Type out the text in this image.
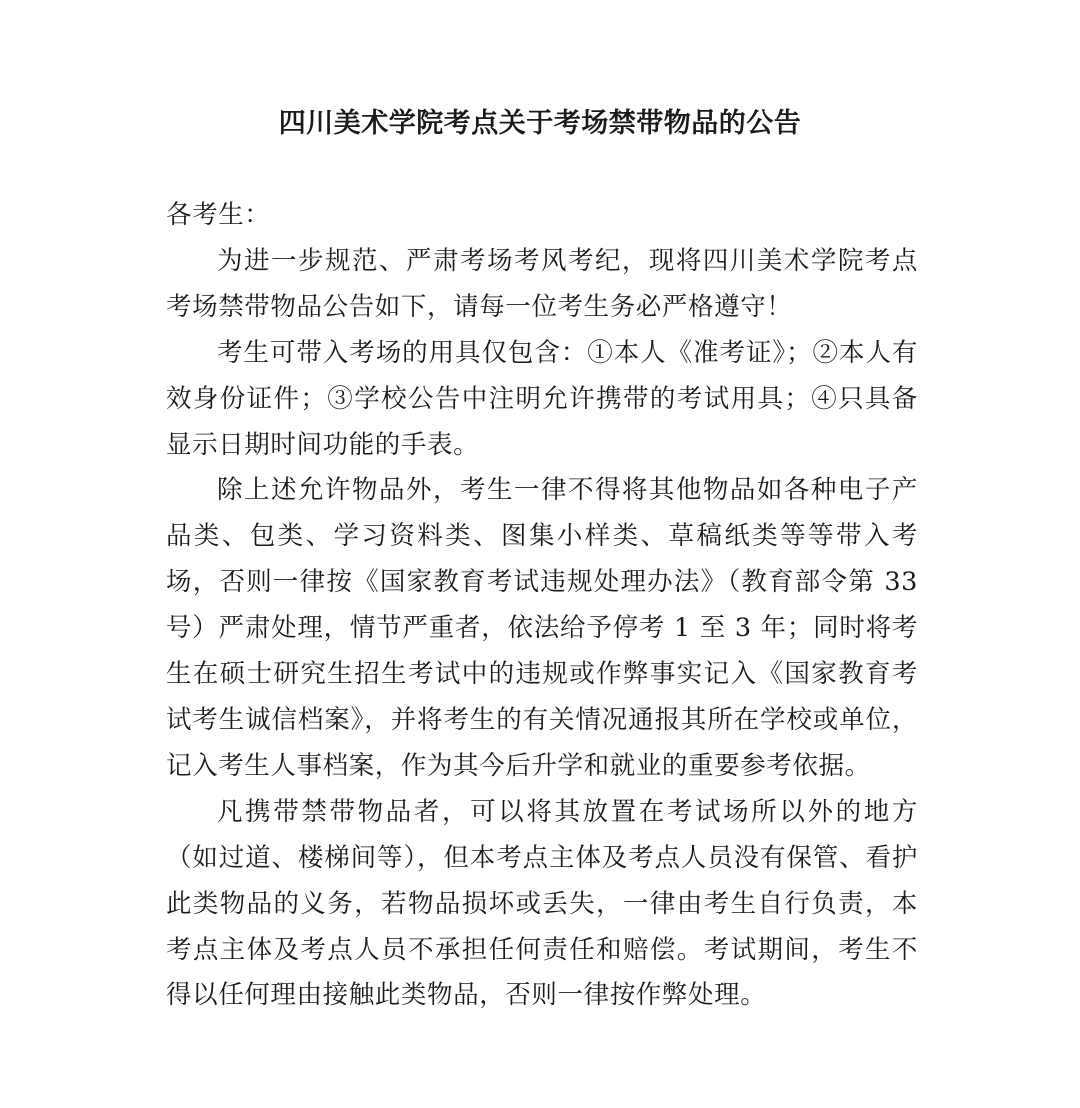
四川美术学院考点关于考场禁带物品的公告

各考生：

为进一步规范、严肃考场考风考纪，现将四川美术学院考点考场禁带物品公告如下，请每一位考生务必严格遵守！

考生可带入考场的用具仅包含：①本人《准考证》；②本人有效身份证件；③学校公告中注明允许携带的考试用具；④只具备显示日期时间功能的手表。

除上述允许物品外，考生一律不得将其他物品如各种电子产品类、包类、学习资料类、图集小样类、草稿纸类等等带入考场，否则一律按《国家教育考试违规处理办法》（教育部令第 33 号）严肃处理，情节严重者，依法给予停考 1 至 3 年；同时将考生在硕士研究生招生考试中的违规或作弊事实记入《国家教育考试考生诚信档案》，并将考生的有关情况通报其所在学校或单位，记入考生人事档案，作为其今后升学和就业的重要参考依据。

凡携带禁带物品者，可以将其放置在考试场所以外的地方（如过道、楼梯间等），但本考点主体及考点人员没有保管、看护此类物品的义务，若物品损坏或丢失，一律由考生自行负责，本考点主体及考点人员不承担任何责任和赔偿。考试期间，考生不得以任何理由接触此类物品，否则一律按作弊处理。
